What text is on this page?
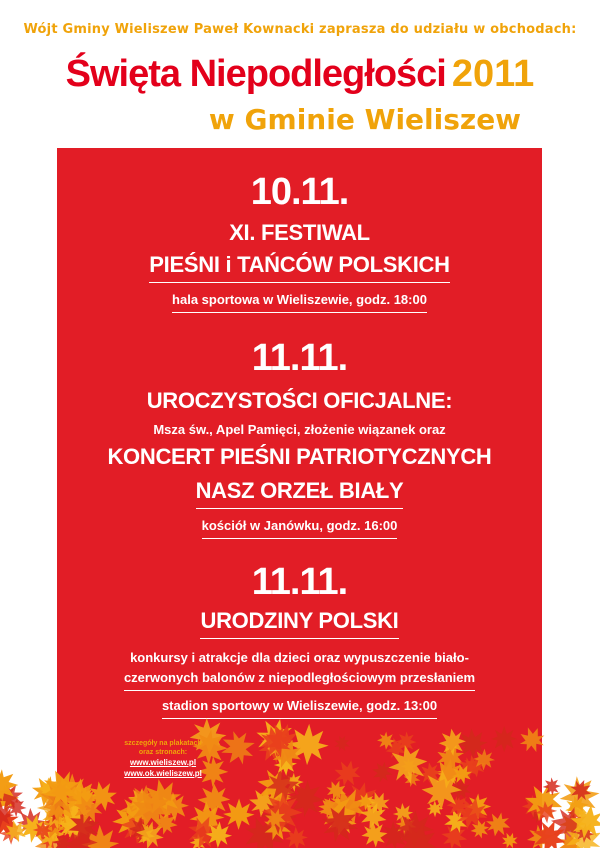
Wójt Gminy Wieliszew Paweł Kownacki zaprasza do udziału w obchodach:
Święta Niepodległości 2011
w Gminie Wieliszew
10.11.
XI. FESTIWAL
PIEŚNI i TAŃCÓW POLSKICH
hala sportowa w Wieliszewie, godz. 18:00
11.11.
UROCZYSTOŚCI OFICJALNE:
Msza św., Apel Pamięci, złożenie wiązanek oraz
KONCERT PIEŚNI PATRIOTYCZNYCH
NASZ ORZEŁ BIAŁY
kościół w Janówku, godz. 16:00
11.11.
URODZINY POLSKI
konkursy i atrakcje dla dzieci oraz wypuszczenie biało-
czerwonych balonów z niepodległościowym przesłaniem
stadion sportowy w Wieliszewie, godz. 13:00
szczegóły na plakatach
oraz stronach:
www.wieliszew.pl
www.ok.wieliszew.pl
